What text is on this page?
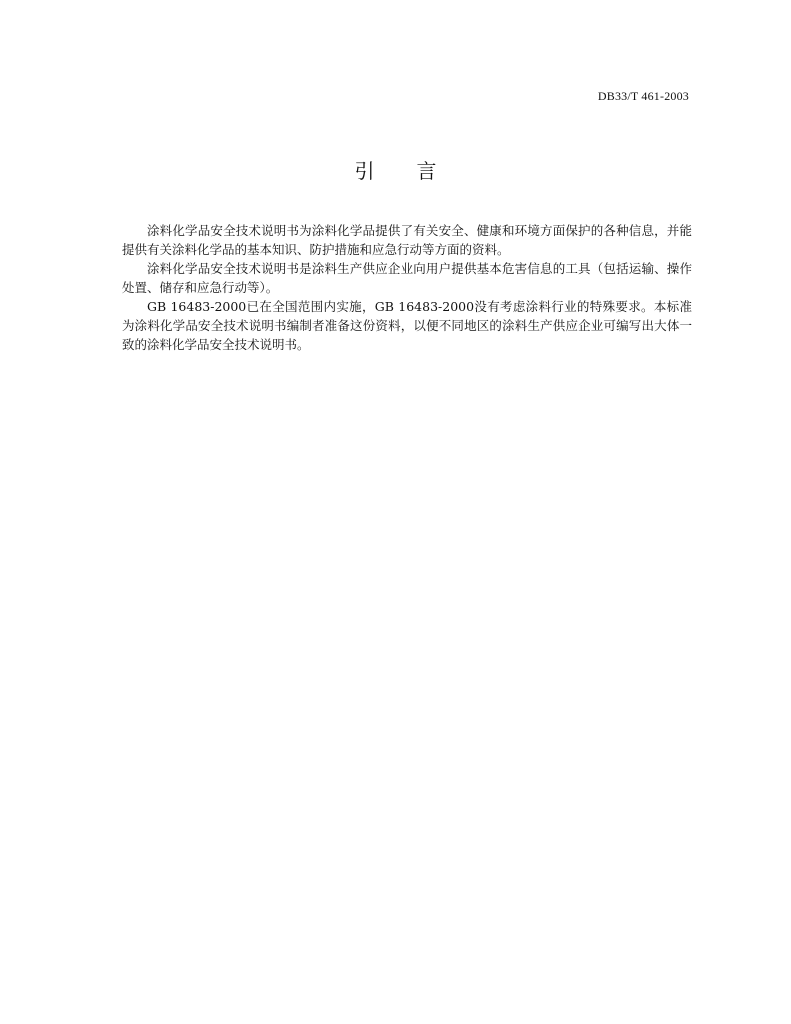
DB33/T 461-2003
引 言

涂料化学品安全技术说明书为涂料化学品提供了有关安全、健康和环境方面保护的各种信息，并能提供有关涂料化学品的基本知识、防护措施和应急行动等方面的资料。

涂料化学品安全技术说明书是涂料生产供应企业向用户提供基本危害信息的工具（包括运输、操作处置、储存和应急行动等）。

GB 16483-2000已在全国范围内实施，GB 16483-2000没有考虑涂料行业的特殊要求。本标准为涂料化学品安全技术说明书编制者准备这份资料，以便不同地区的涂料生产供应企业可编写出大体一致的涂料化学品安全技术说明书。
